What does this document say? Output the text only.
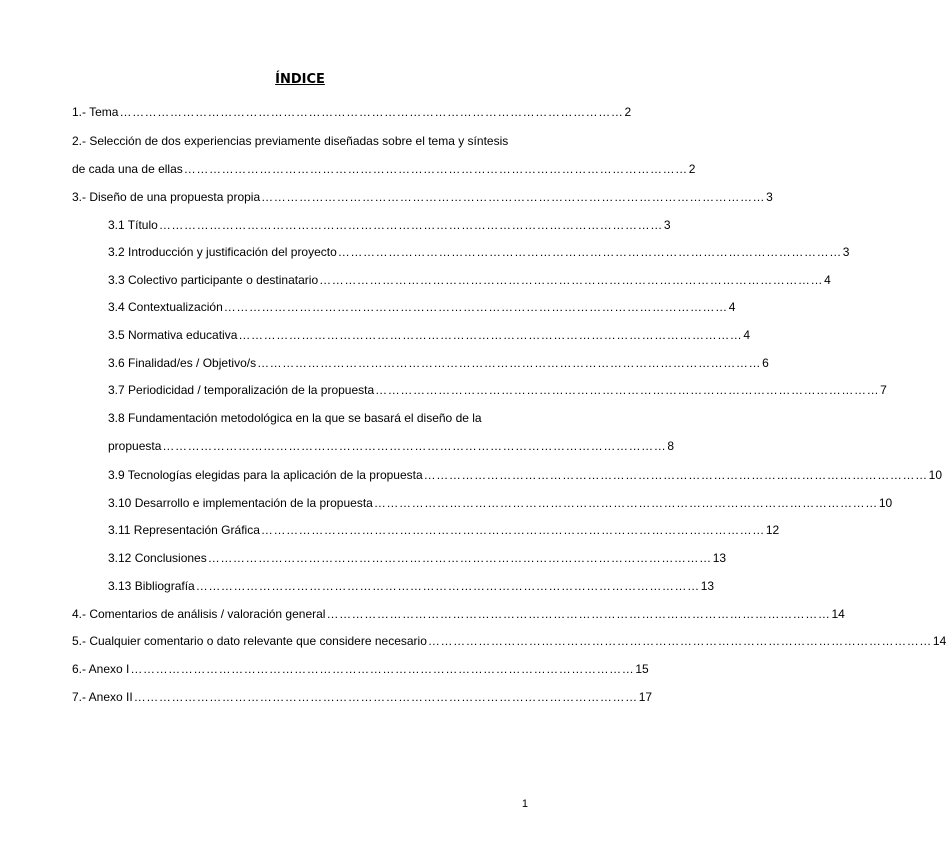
ÍNDICE
1.- Tema ………………………………………………………………………………………………………… 2
2.- Selección de dos experiencias previamente diseñadas sobre el tema y síntesis
de cada una de ellas ………………………………………………………………………………………………………… 2
3.- Diseño de una propuesta propia ………………………………………………………………………………………………………… 3
3.1 Título ………………………………………………………………………………………………………… 3
3.2 Introducción y justificación del proyecto ………………………………………………………………………………………………………… 3
3.3 Colectivo participante o destinatario ………………………………………………………………………………………………………… 4
3.4 Contextualización ………………………………………………………………………………………………………… 4
3.5 Normativa educativa ………………………………………………………………………………………………………… 4
3.6 Finalidad/es / Objetivo/s ………………………………………………………………………………………………………… 6
3.7 Periodicidad / temporalización de la propuesta ………………………………………………………………………………………………………… 7
3.8 Fundamentación metodológica en la que se basará el diseño de la
propuesta ………………………………………………………………………………………………………… 8
3.9 Tecnologías elegidas para la aplicación de la propuesta ………………………………………………………………………………………………………… 10
3.10 Desarrollo e implementación de la propuesta ………………………………………………………………………………………………………… 10
3.11 Representación Gráfica ………………………………………………………………………………………………………… 12
3.12 Conclusiones ………………………………………………………………………………………………………… 13
3.13 Bibliografía ………………………………………………………………………………………………………… 13
4.- Comentarios de análisis / valoración general ………………………………………………………………………………………………………… 14
5.- Cualquier comentario o dato relevante que considere necesario ………………………………………………………………………………………………………… 14
6.- Anexo I ………………………………………………………………………………………………………… 15
7.- Anexo II ………………………………………………………………………………………………………… 17
1
